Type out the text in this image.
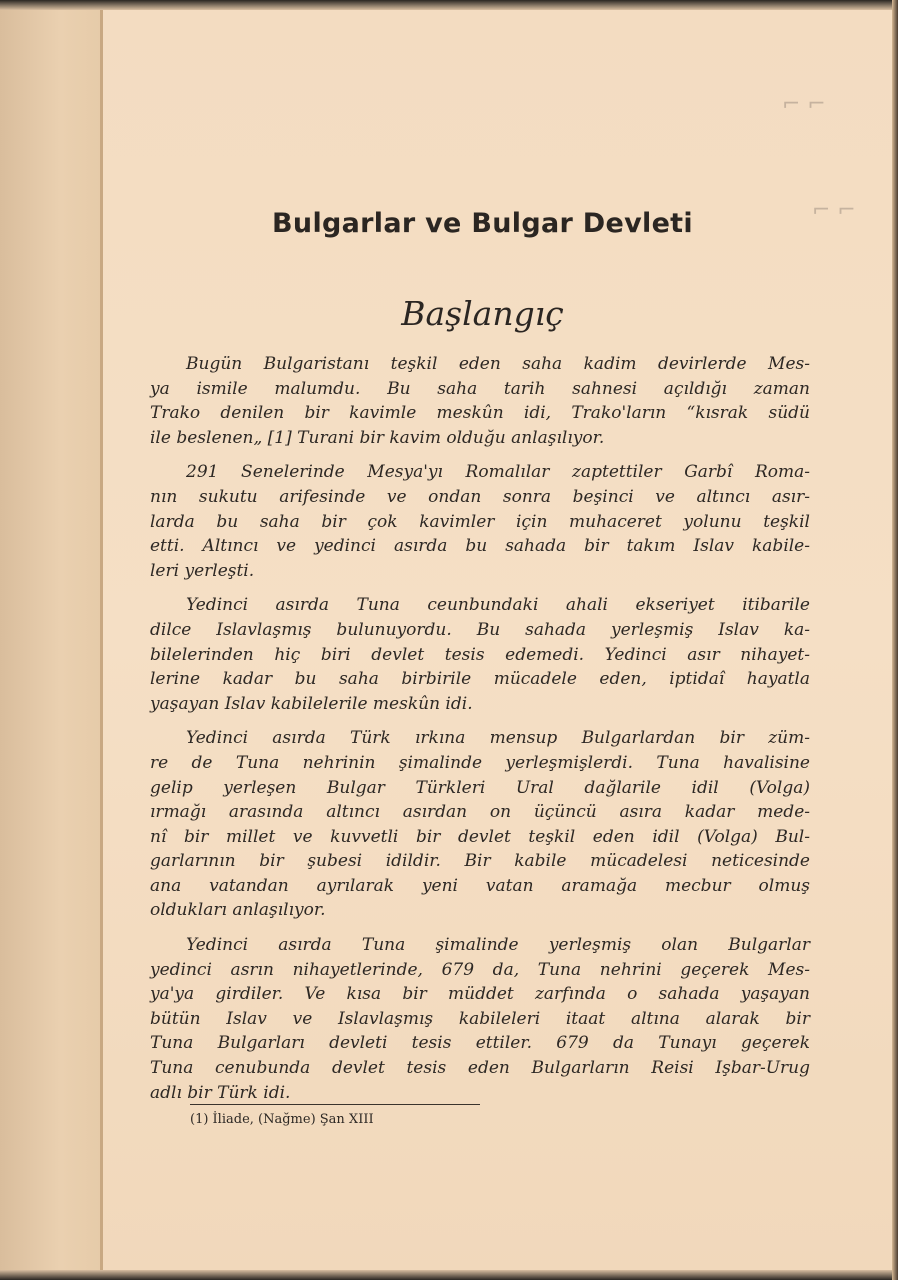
⌐ ⌐
⌐ ⌐
Bulgarlar ve Bulgar Devleti
Başlangıç
Bugün Bulgaristanı teşkil eden saha kadim devirlerde Mes-
ya ismile malumdu. Bu saha tarih sahnesi açıldığı zaman
Trako denilen bir kavimle meskûn idi, Trako'ların “kısrak südü
ile beslenen„ [1] Turani bir kavim olduğu anlaşılıyor.
291 Senelerinde Mesya'yı Romalılar zaptettiler Garbî Roma-
nın sukutu arifesinde ve ondan sonra beşinci ve altıncı asır-
larda bu saha bir çok kavimler için muhaceret yolunu teşkil
etti. Altıncı ve yedinci asırda bu sahada bir takım Islav kabile-
leri yerleşti.
Yedinci asırda Tuna ceunbundaki ahali ekseriyet itibarile
dilce Islavlaşmış bulunuyordu. Bu sahada yerleşmiş Islav ka-
bilelerinden hiç biri devlet tesis edemedi. Yedinci asır nihayet-
lerine kadar bu saha birbirile mücadele eden, iptidaî hayatla
yaşayan Islav kabilelerile meskûn idi.
Yedinci asırda Türk ırkına mensup Bulgarlardan bir züm-
re de Tuna nehrinin şimalinde yerleşmişlerdi. Tuna havalisine
gelip yerleşen Bulgar Türkleri Ural dağlarile idil (Volga)
ırmağı arasında altıncı asırdan on üçüncü asıra kadar mede-
nî bir millet ve kuvvetli bir devlet teşkil eden idil (Volga) Bul-
garlarının bir şubesi idildir. Bir kabile mücadelesi neticesinde
ana vatandan ayrılarak yeni vatan aramağa mecbur olmuş
oldukları anlaşılıyor.
Yedinci asırda Tuna şimalinde yerleşmiş olan Bulgarlar
yedinci asrın nihayetlerinde, 679 da, Tuna nehrini geçerek Mes-
ya'ya girdiler. Ve kısa bir müddet zarfında o sahada yaşayan
bütün Islav ve Islavlaşmış kabileleri itaat altına alarak bir
Tuna Bulgarları devleti tesis ettiler. 679 da Tunayı geçerek
Tuna cenubunda devlet tesis eden Bulgarların Reisi Işbar-Urug
adlı bir Türk idi.
(1) İliade, (Nağme) Şan XIII
